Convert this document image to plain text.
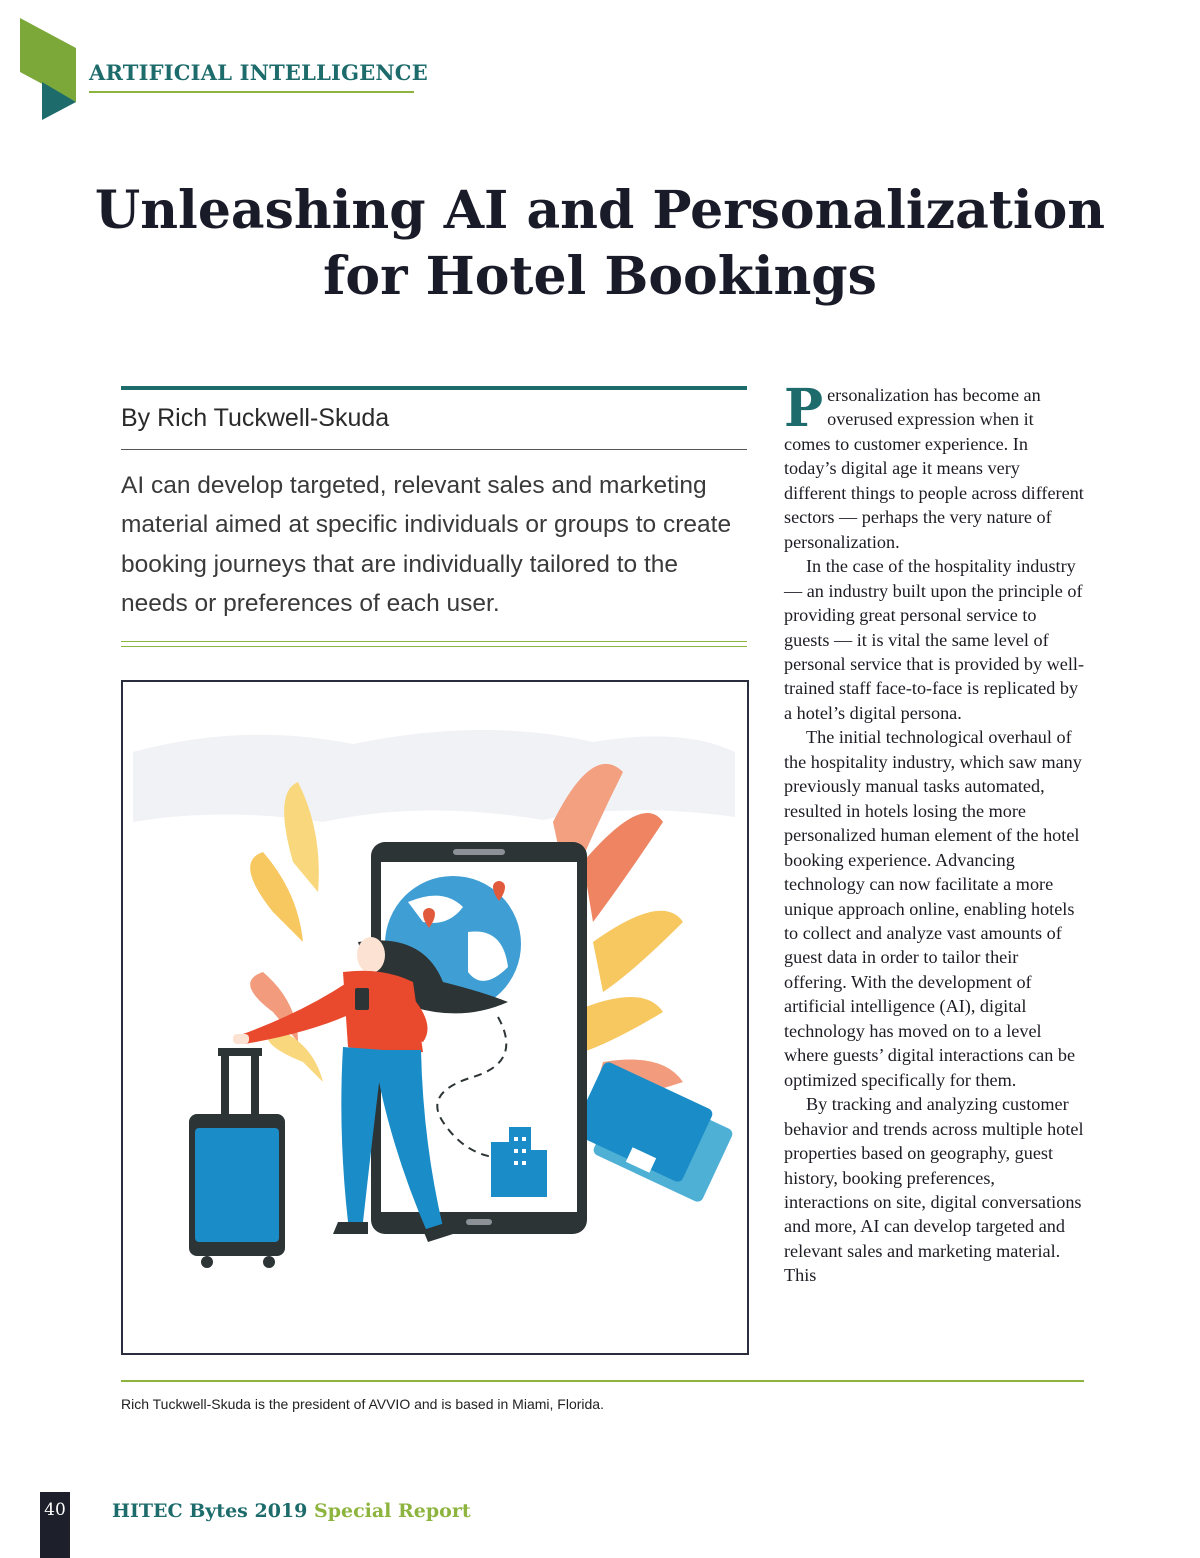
ARTIFICIAL INTELLIGENCE
Unleashing AI and Personalization
for Hotel Bookings
By Rich Tuckwell-Skuda

AI can develop targeted, relevant sales and marketing material aimed at specific individuals or groups to create booking journeys that are individually tailored to the needs or preferences of each user.

Personalization has become an overused expression when it comes to customer experience. In today’s digital age it means very different things to people across different sectors — perhaps the very nature of personalization.

In the case of the hospitality industry — an industry built upon the principle of providing great personal service to guests — it is vital the same level of personal service that is provided by well-trained staff face-to-face is replicated by a hotel’s digital persona.

The initial technological overhaul of the hospitality industry, which saw many previously manual tasks automated, resulted in hotels losing the more personalized human element of the hotel booking experience. Advancing technology can now facilitate a more unique approach online, enabling hotels to collect and analyze vast amounts of guest data in order to tailor their offering. With the development of artificial intelligence (AI), digital technology has moved on to a level where guests’ digital interactions can be optimized specifically for them.

By tracking and analyzing customer behavior and trends across multiple hotel properties based on geography, guest history, booking preferences, interactions on site, digital conversations and more, AI can develop targeted and relevant sales and marketing material. This

Rich Tuckwell-Skuda is the president of AVVIO and is based in Miami, Florida.
40 HITEC Bytes 2019 Special Report
